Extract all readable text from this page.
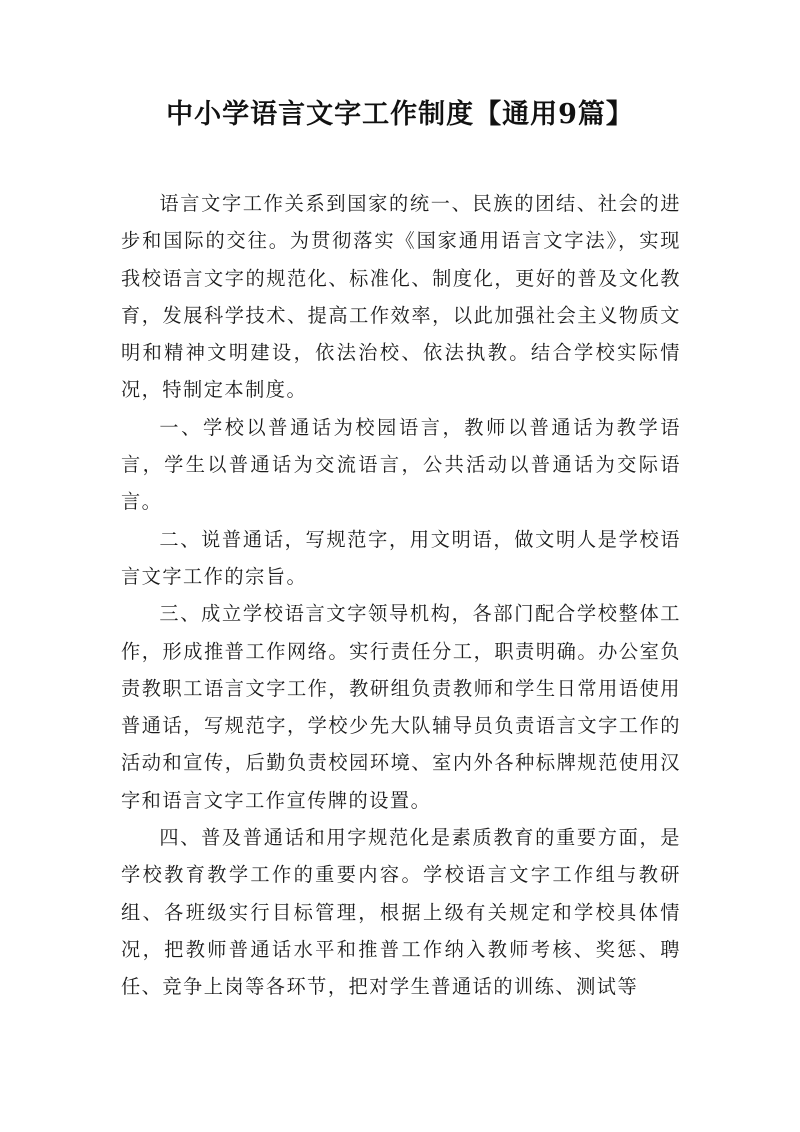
中小学语言文字工作制度【通用9篇】

语言文字工作关系到国家的统一、民族的团结、社会的进步和国际的交往。为贯彻落实《国家通用语言文字法》，实现我校语言文字的规范化、标准化、制度化，更好的普及文化教育，发展科学技术、提高工作效率，以此加强社会主义物质文明和精神文明建设，依法治校、依法执教。结合学校实际情况，特制定本制度。

一、学校以普通话为校园语言，教师以普通话为教学语言，学生以普通话为交流语言，公共活动以普通话为交际语言。

二、说普通话，写规范字，用文明语，做文明人是学校语言文字工作的宗旨。

三、成立学校语言文字领导机构，各部门配合学校整体工作，形成推普工作网络。实行责任分工，职责明确。办公室负责教职工语言文字工作，教研组负责教师和学生日常用语使用普通话，写规范字，学校少先大队辅导员负责语言文字工作的活动和宣传，后勤负责校园环境、室内外各种标牌规范使用汉字和语言文字工作宣传牌的设置。

四、普及普通话和用字规范化是素质教育的重要方面，是学校教育教学工作的重要内容。学校语言文字工作组与教研组、各班级实行目标管理，根据上级有关规定和学校具体情况，把教师普通话水平和推普工作纳入教师考核、奖惩、聘任、竞争上岗等各环节，把对学生普通话的训练、测试等
